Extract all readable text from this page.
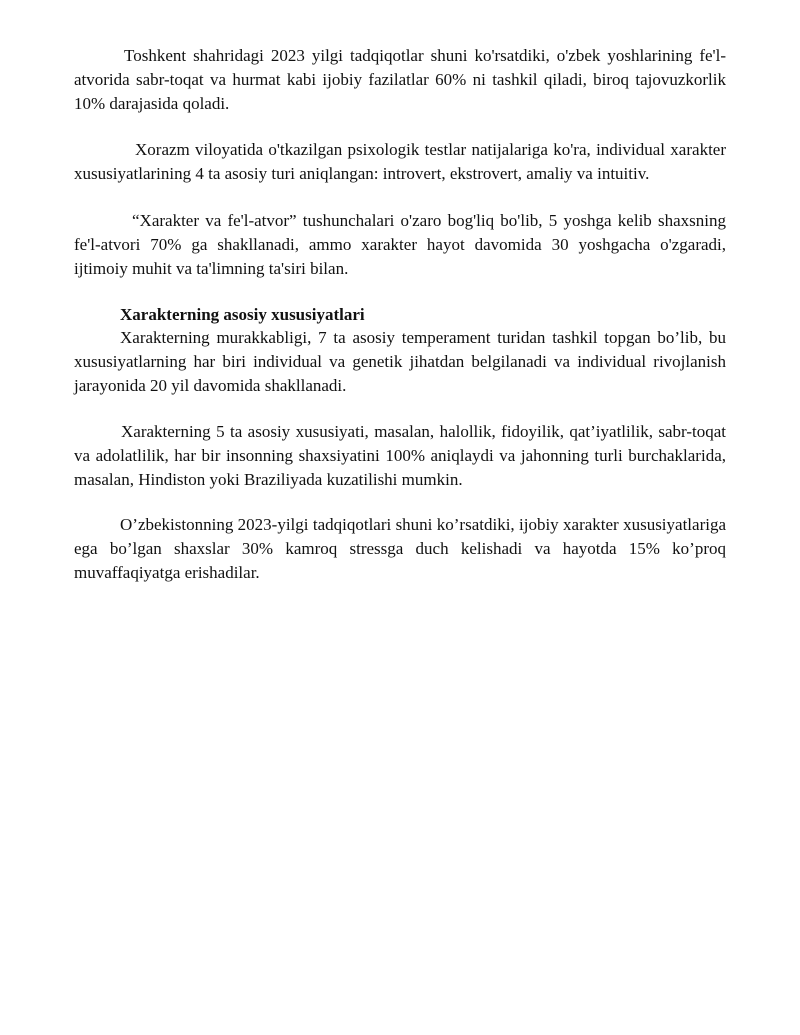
Toshkent shahridagi 2023 yilgi tadqiqotlar shuni ko'rsatdiki, o'zbek yoshlarining fe'l-atvorida sabr-toqat va hurmat kabi ijobiy fazilatlar 60% ni tashkil qiladi, biroq tajovuzkorlik 10% darajasida qoladi.

Xorazm viloyatida o'tkazilgan psixologik testlar natijalariga ko'ra, individual xarakter xususiyatlarining 4 ta asosiy turi aniqlangan: introvert, ekstrovert, amaliy va intuitiv.

“Xarakter va fe'l-atvor” tushunchalari o'zaro bog'liq bo'lib, 5 yoshga kelib shaxsning fe'l-atvori 70% ga shakllanadi, ammo xarakter hayot davomida 30 yoshgacha o'zgaradi, ijtimoiy muhit va ta'limning ta'siri bilan.

Xarakterning asosiy xususiyatlari

Xarakterning murakkabligi, 7 ta asosiy temperament turidan tashkil topgan bo’lib, bu xususiyatlarning har biri individual va genetik jihatdan belgilanadi va individual rivojlanish jarayonida 20 yil davomida shakllanadi.

Xarakterning 5 ta asosiy xususiyati, masalan, halollik, fidoyilik, qat’iyatlilik, sabr-toqat va adolatlilik, har bir insonning shaxsiyatini 100% aniqlaydi va jahonning turli burchaklarida, masalan, Hindiston yoki Braziliyada kuzatilishi mumkin.

O’zbekistonning 2023-yilgi tadqiqotlari shuni ko’rsatdiki, ijobiy xarakter xususiyatlariga ega bo’lgan shaxslar 30% kamroq stressga duch kelishadi va hayotda 15% ko’proq muvaffaqiyatga erishadilar.
